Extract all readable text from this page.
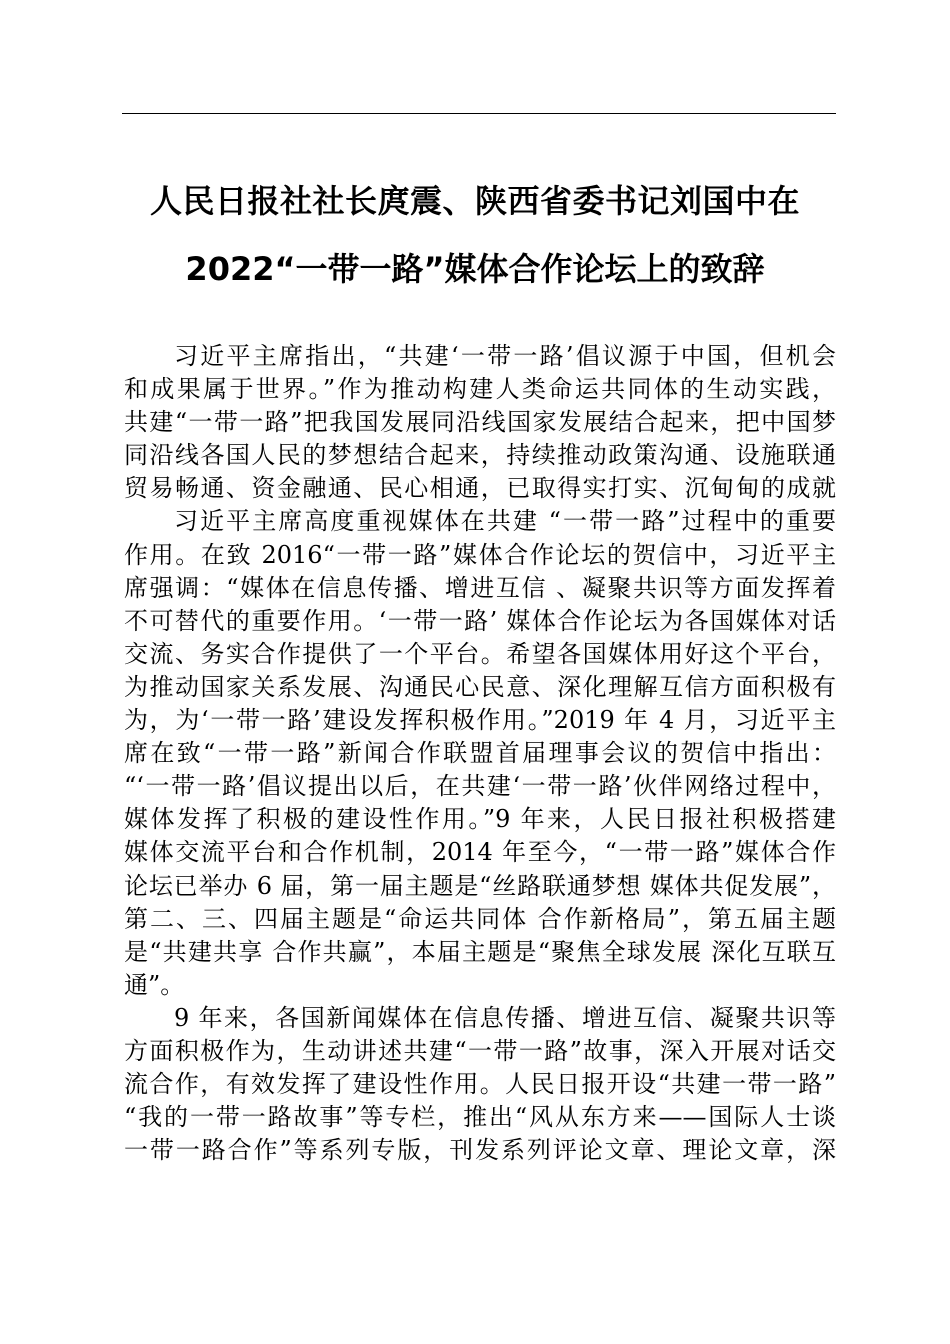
人民日报社社长庹震、陕西省委书记刘国中在
2022“一带一路”媒体合作论坛上的致辞
习近平主席指出，“共建‘一带一路’倡议源于中国，但机会
和成果属于世界。”作为推动构建人类命运共同体的生动实践，
共建“一带一路”把我国发展同沿线国家发展结合起来，把中国梦
同沿线各国人民的梦想结合起来，持续推动政策沟通、设施联通
贸易畅通、资金融通、民心相通，已取得实打实、沉甸甸的成就
习近平主席高度重视媒体在共建 “一带一路”过程中的重要
作用。在致 2016“一带一路”媒体合作论坛的贺信中，习近平主
席强调：“媒体在信息传播、增进互信 、凝聚共识等方面发挥着
不可替代的重要作用。‘一带一路’ 媒体合作论坛为各国媒体对话
交流、务实合作提供了一个平台。希望各国媒体用好这个平台，
为推动国家关系发展、沟通民心民意、深化理解互信方面积极有
为，为‘一带一路’建设发挥积极作用。”2019 年 4 月，习近平主
席在致“一带一路”新闻合作联盟首届理事会议的贺信中指出：
“‘一带一路’倡议提出以后，在共建‘一带一路’伙伴网络过程中，
媒体发挥了积极的建设性作用。”9 年来，人民日报社积极搭建
媒体交流平台和合作机制，2014 年至今，“一带一路”媒体合作
论坛已举办 6 届，第一届主题是“丝路联通梦想 媒体共促发展”，
第二、三、四届主题是“命运共同体 合作新格局”，第五届主题
是“共建共享 合作共赢”，本届主题是“聚焦全球发展 深化互联互
通”。
9 年来，各国新闻媒体在信息传播、增进互信、凝聚共识等
方面积极作为，生动讲述共建“一带一路”故事，深入开展对话交
流合作，有效发挥了建设性作用。人民日报开设“共建一带一路”
“我的一带一路故事”等专栏，推出“风从东方来——国际人士谈
一带一路合作”等系列专版，刊发系列评论文章、理论文章，深
